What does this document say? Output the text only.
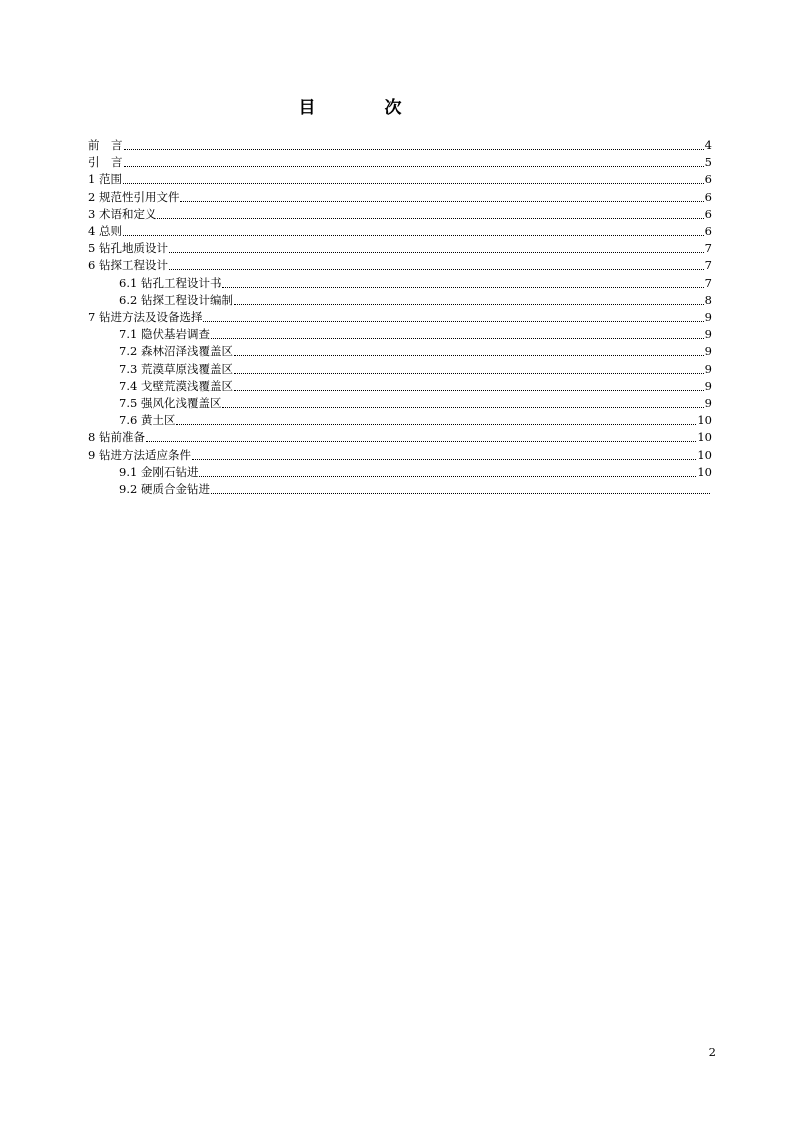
目　次
前　言	4
引　言	5
1 范围	6
2 规范性引用文件	6
3 术语和定义	6
4 总则	6
5 钻孔地质设计	7
6 钻探工程设计	7
6.1 钻孔工程设计书	7
6.2 钻探工程设计编制	8
7 钻进方法及设备选择	9
7.1 隐伏基岩调查	9
7.2 森林沼泽浅覆盖区	9
7.3 荒漠草原浅覆盖区	9
7.4 戈壁荒漠浅覆盖区	9
7.5 强风化浅覆盖区	9
7.6 黄土区	10
8 钻前准备	10
9 钻进方法适应条件	10
9.1 金刚石钻进	10
9.2 硬质合金钻进
2
